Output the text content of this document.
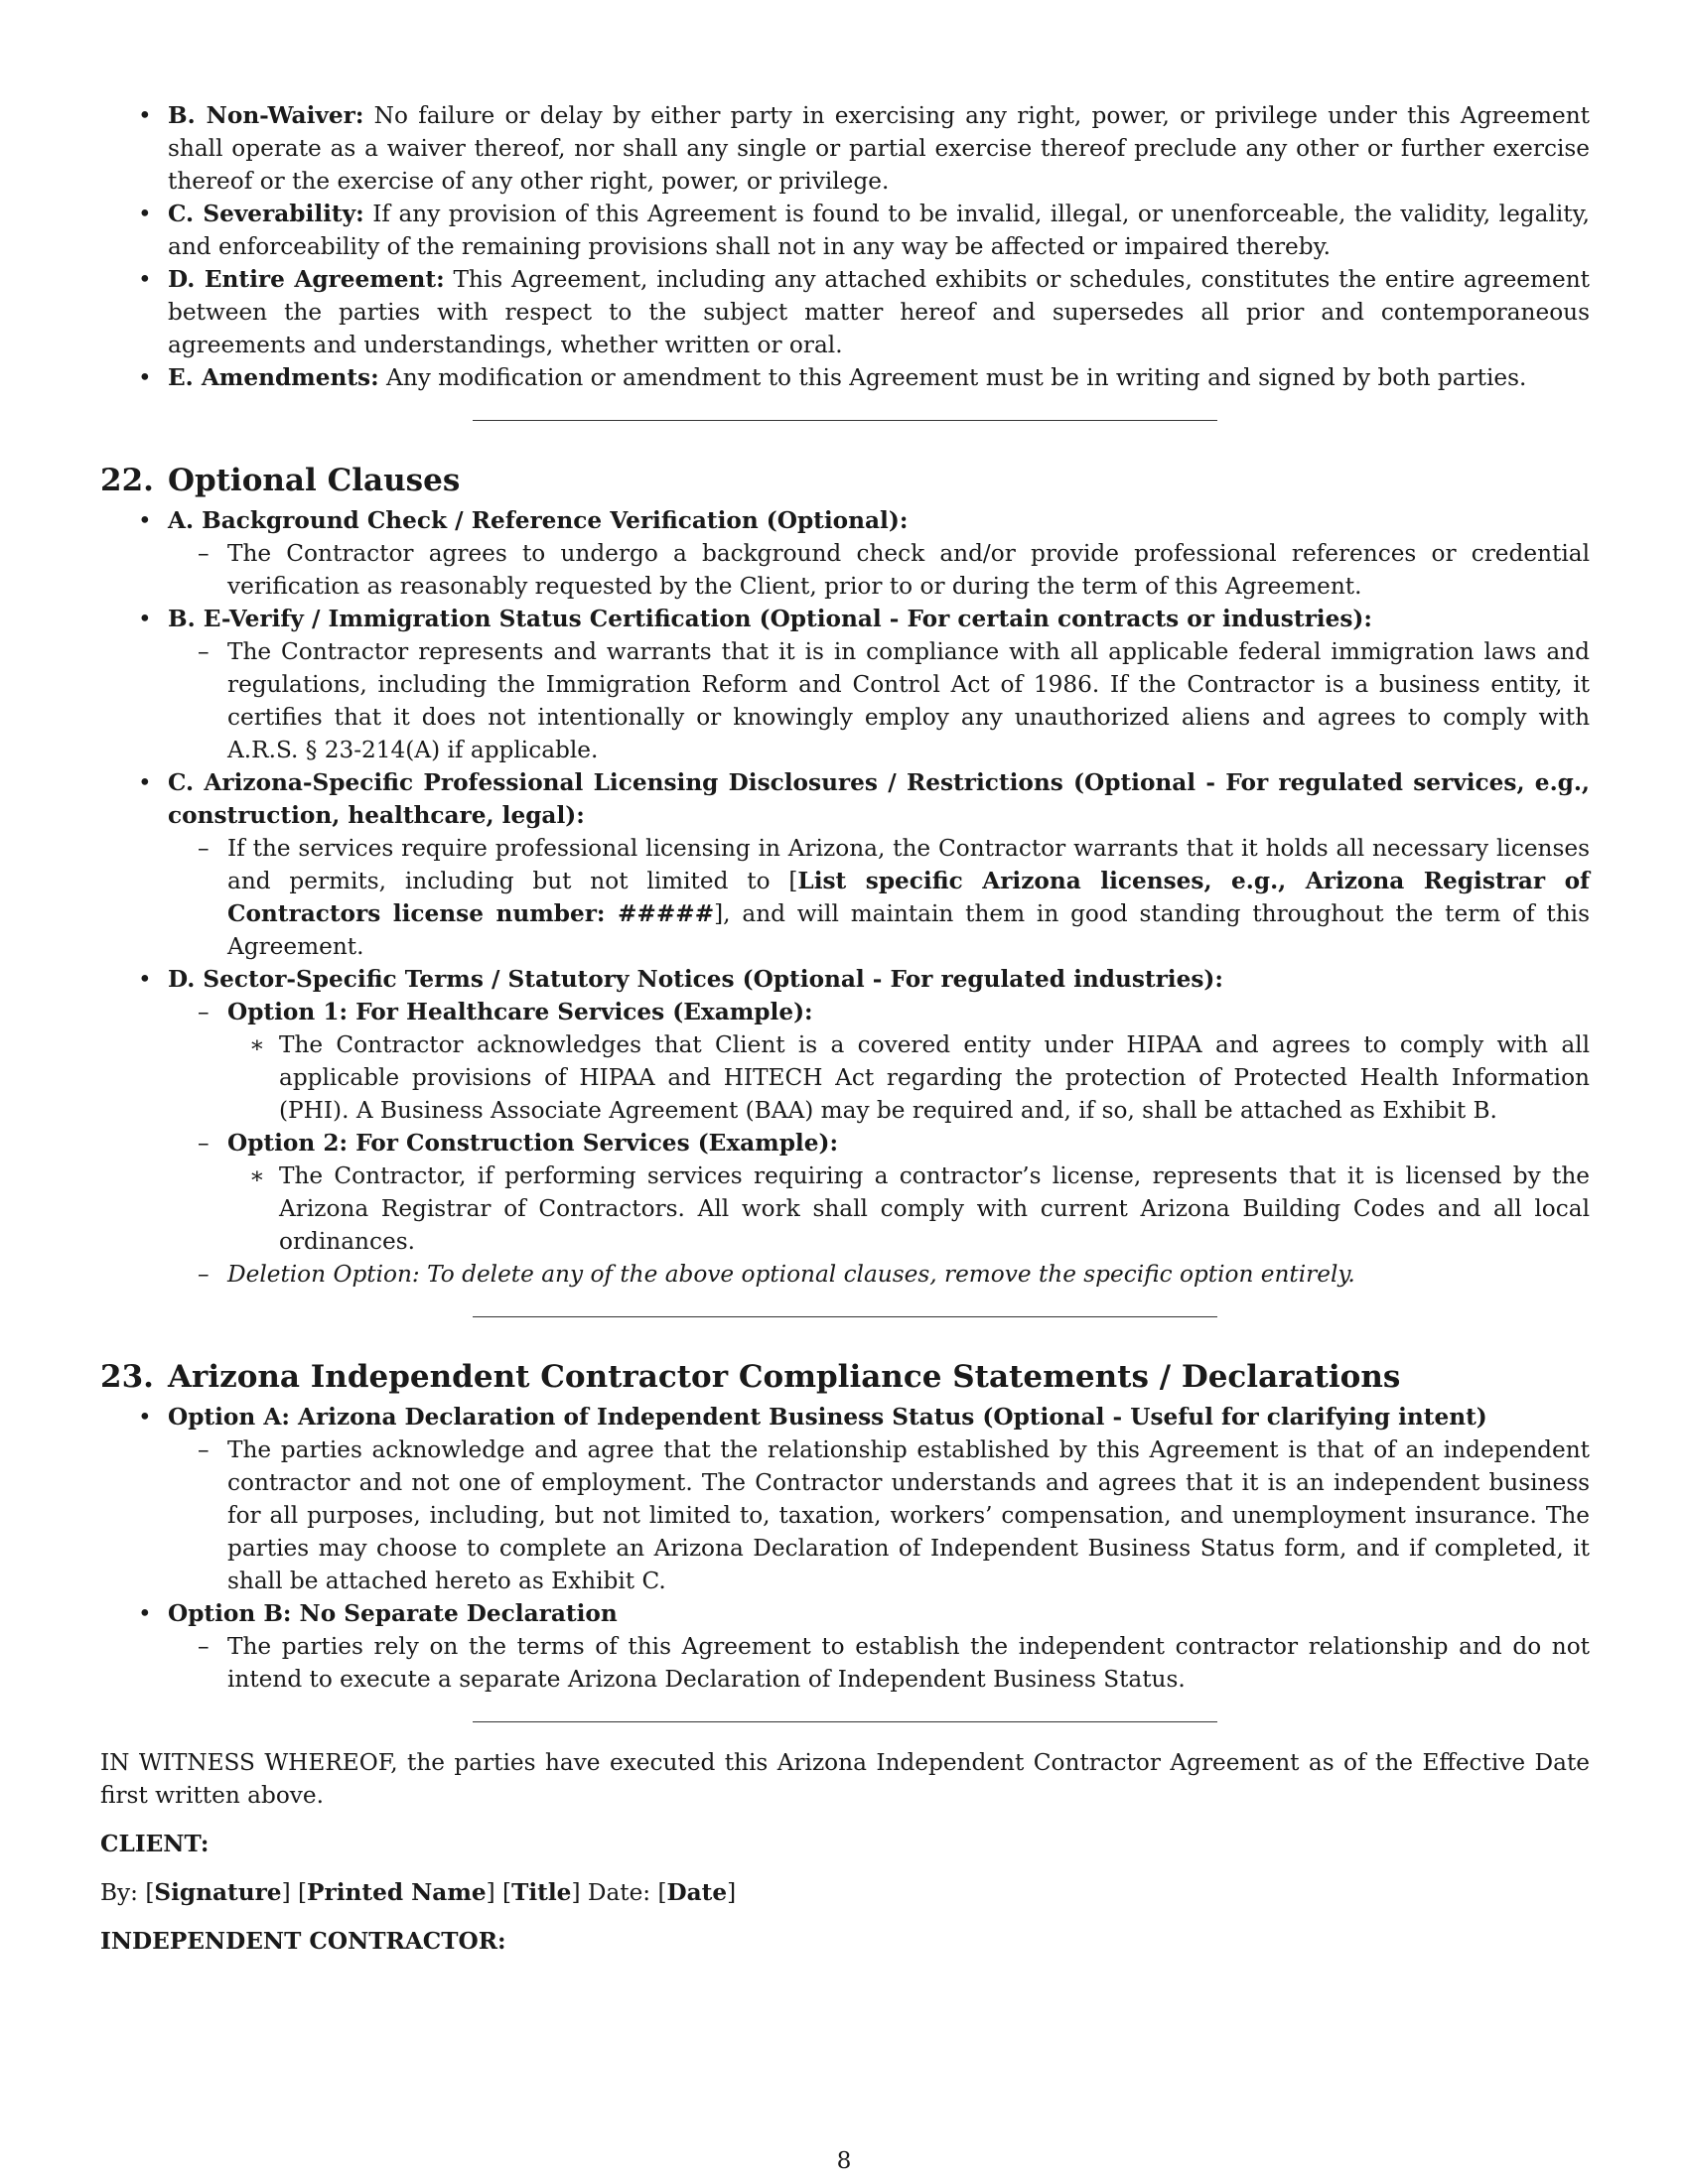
• B. Non-Waiver: No failure or delay by either party in exercising any right, power, or privilege under this Agreement shall operate as a waiver thereof, nor shall any single or partial exercise thereof preclude any other or further exercise thereof or the exercise of any other right, power, or privilege.
• C. Severability: If any provision of this Agreement is found to be invalid, illegal, or unenforceable, the validity, legality, and enforceability of the remaining provisions shall not in any way be affected or impaired thereby.
• D. Entire Agreement: This Agreement, including any attached exhibits or schedules, constitutes the entire agreement between the parties with respect to the subject matter hereof and supersedes all prior and contemporaneous agreements and understandings, whether written or oral.
• E. Amendments: Any modification or amendment to this Agreement must be in writing and signed by both parties.
22. Optional Clauses
• A. Background Check / Reference Verification (Optional):
– The Contractor agrees to undergo a background check and/or provide professional references or credential verification as reasonably requested by the Client, prior to or during the term of this Agreement.
• B. E-Verify / Immigration Status Certification (Optional - For certain contracts or industries):
– The Contractor represents and warrants that it is in compliance with all applicable federal immigration laws and regulations, including the Immigration Reform and Control Act of 1986. If the Contractor is a business entity, it certifies that it does not intentionally or knowingly employ any unauthorized aliens and agrees to comply with A.R.S. § 23-214(A) if applicable.
• C. Arizona-Specific Professional Licensing Disclosures / Restrictions (Optional - For regulated services, e.g., construction, healthcare, legal):
– If the services require professional licensing in Arizona, the Contractor warrants that it holds all necessary licenses and permits, including but not limited to [List specific Arizona licenses, e.g., Arizona Registrar of Contractors license number: #####], and will maintain them in good standing throughout the term of this Agreement.
• D. Sector-Specific Terms / Statutory Notices (Optional - For regulated industries):
– Option 1: For Healthcare Services (Example):
∗ The Contractor acknowledges that Client is a covered entity under HIPAA and agrees to comply with all applicable provisions of HIPAA and HITECH Act regarding the protection of Protected Health Information (PHI). A Business Associate Agreement (BAA) may be required and, if so, shall be attached as Exhibit B.
– Option 2: For Construction Services (Example):
∗ The Contractor, if performing services requiring a contractor’s license, represents that it is licensed by the Arizona Registrar of Contractors. All work shall comply with current Arizona Building Codes and all local ordinances.
– Deletion Option: To delete any of the above optional clauses, remove the specific option entirely.
23. Arizona Independent Contractor Compliance Statements / Declarations
• Option A: Arizona Declaration of Independent Business Status (Optional - Useful for clarifying intent)
– The parties acknowledge and agree that the relationship established by this Agreement is that of an independent contractor and not one of employment. The Contractor understands and agrees that it is an independent business for all purposes, including, but not limited to, taxation, workers’ compensation, and unemployment insurance. The parties may choose to complete an Arizona Declaration of Independent Business Status form, and if completed, it shall be attached hereto as Exhibit C.
• Option B: No Separate Declaration
– The parties rely on the terms of this Agreement to establish the independent contractor relationship and do not intend to execute a separate Arizona Declaration of Independent Business Status.

IN WITNESS WHEREOF, the parties have executed this Arizona Independent Contractor Agreement as of the Effective Date first written above.

CLIENT:

By: [Signature] [Printed Name] [Title] Date: [Date]

INDEPENDENT CONTRACTOR:

8
